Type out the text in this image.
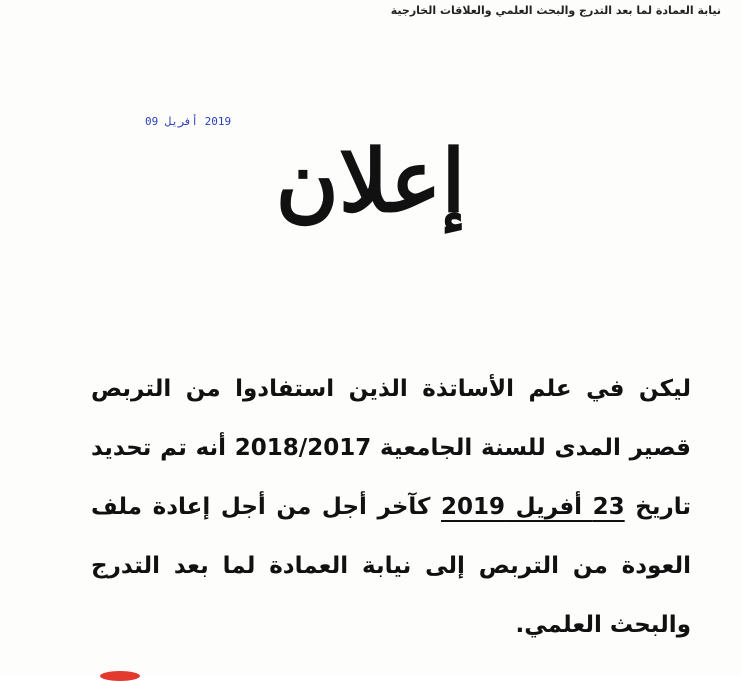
نيابة العمادة لما بعد التدرج والبحث العلمي والعلاقات الخارجية
2019 أفريل 09
إعلان
ليكن في علم الأساتذة الذين استفادوا من التربص قصير المدى للسنة الجامعية 2018/2017 أنه تم تحديد تاريخ 23 أفريل 2019 كآخر أجل من أجل إعادة ملف العودة من التربص إلى نيابة العمادة لما بعد التدرج والبحث العلمي.
